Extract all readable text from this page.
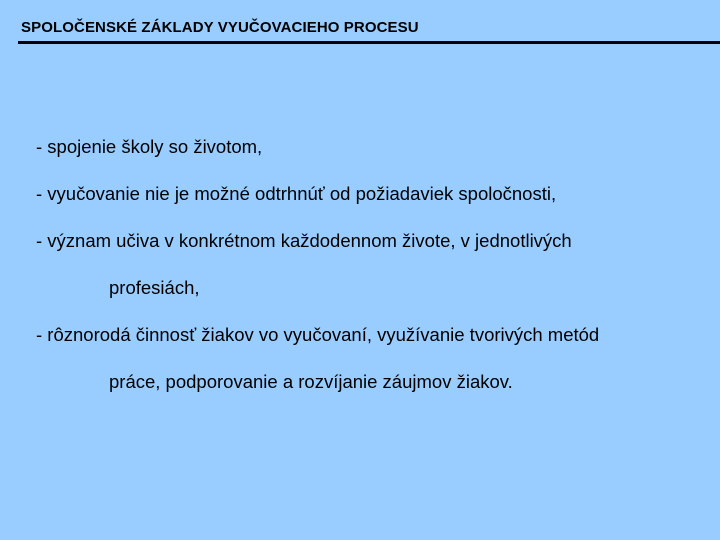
SPOLOČENSKÉ ZÁKLADY VYUČOVACIEHO PROCESU
- spojenie školy so životom,
- vyučovanie nie je možné odtrhnúť od požiadaviek spoločnosti,
- význam učiva v konkrétnom každodennom živote, v jednotlivých
profesiách,
- rôznorodá činnosť žiakov vo vyučovaní, využívanie tvorivých metód
práce, podporovanie a rozvíjanie záujmov žiakov.
